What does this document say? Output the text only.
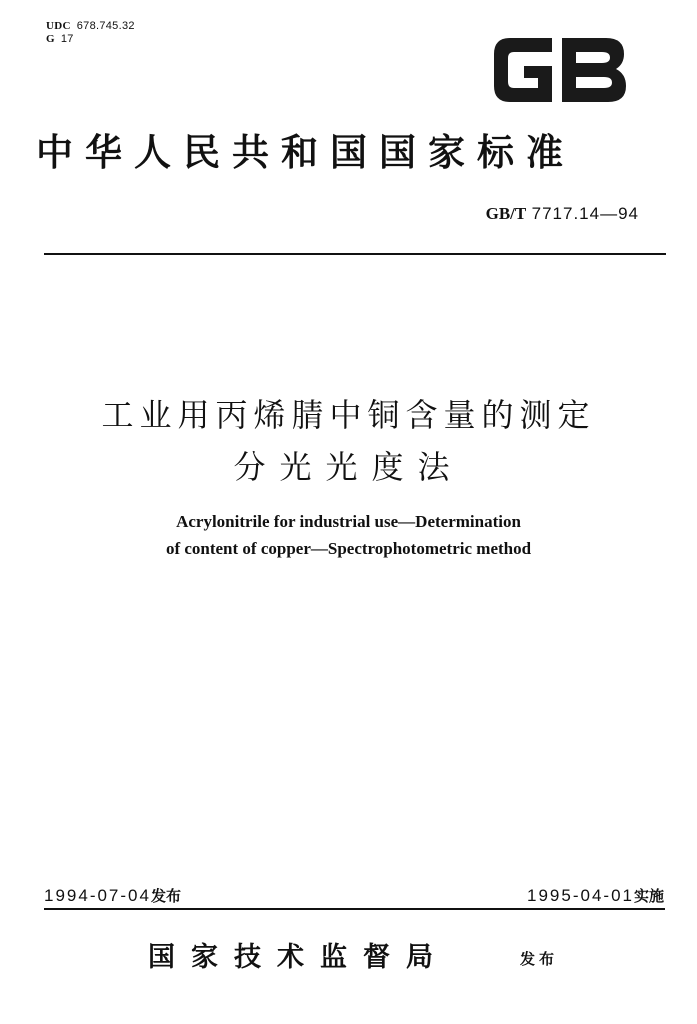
UDC 678.745.32
G 17
中华人民共和国国家标准
GB/T 7717.14—94
工业用丙烯腈中铜含量的测定
分光光度法
Acrylonitrile for industrial use—Determination
of content of copper—Spectrophotometric method
1994-07-04发布	1995-04-01实施
国家技术监督局	发布
